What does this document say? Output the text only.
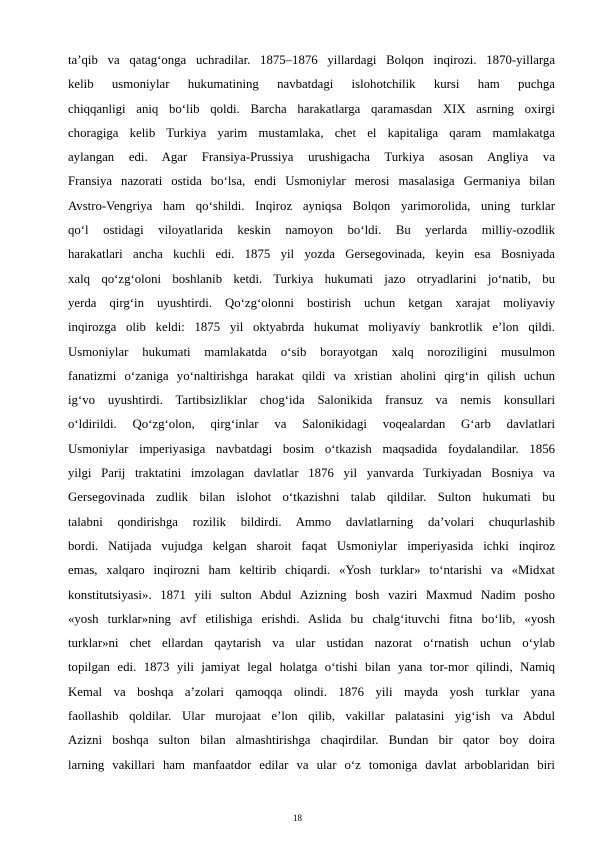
ta’qib va qatag‘onga uchradilar. 1875–1876 yillardagi Bolqon inqirozi. 1870-yillarga
kelib usmoniylar hukumatining navbatdagi islohotchilik kursi ham puchga
chiqqanligi aniq bo‘lib qoldi. Barcha harakatlarga qaramasdan XIX asrning oxirgi
choragiga kelib Turkiya yarim mustamlaka, chet el kapitaliga qaram mamlakatga
aylangan edi. Agar Fransiya-Prussiya urushigacha Turkiya asosan Angliya va
Fransiya nazorati ostida bo‘lsa, endi Usmoniylar merosi masalasiga Germaniya bilan
Avstro-Vengriya ham qo‘shildi. Inqiroz ayniqsa Bolqon yarimorolida, uning turklar
qo‘l ostidagi viloyatlarida keskin namoyon bo‘ldi. Bu yerlarda milliy-ozodlik
harakatlari ancha kuchli edi. 1875 yil yozda Gersegovinada, keyin esa Bosniyada
xalq qo‘zg‘oloni boshlanib ketdi. Turkiya hukumati jazo otryadlarini jo‘natib, bu
yerda qirg‘in uyushtirdi. Qo‘zg‘olonni bostirish uchun ketgan xarajat moliyaviy
inqirozga olib keldi: 1875 yil oktyabrda hukumat moliyaviy bankrotlik e’lon qildi.
Usmoniylar hukumati mamlakatda o‘sib borayotgan xalq noroziligini musulmon
fanatizmi o‘zaniga yo‘naltirishga harakat qildi va xristian aholini qirg‘in qilish uchun
ig‘vo uyushtirdi. Tartibsizliklar chog‘ida Salonikida fransuz va nemis konsullari
o‘ldirildi. Qo‘zg‘olon, qirg‘inlar va Salonikidagi voqealardan G‘arb davlatlari
Usmoniylar imperiyasiga navbatdagi bosim o‘tkazish maqsadida foydalandilar. 1856
yilgi Parij traktatini imzolagan davlatlar 1876 yil yanvarda Turkiyadan Bosniya va
Gersegovinada zudlik bilan islohot o‘tkazishni talab qildilar. Sulton hukumati bu
talabni qondirishga rozilik bildirdi. Ammo davlatlarning da’volari chuqurlashib
bordi. Natijada vujudga kelgan sharoit faqat Usmoniylar imperiyasida ichki inqiroz
emas, xalqaro inqirozni ham keltirib chiqardi. «Yosh turklar» to‘ntarishi va «Midxat
konstitutsiyasi». 1871 yili sulton Abdul Azizning bosh vaziri Maxmud Nadim posho
«yosh turklar»ning avf etilishiga erishdi. Aslida bu chalg‘ituvchi fitna bo‘lib, «yosh
turklar»ni chet ellardan qaytarish va ular ustidan nazorat o‘rnatish uchun o‘ylab
topilgan edi. 1873 yili jamiyat legal holatga o‘tishi bilan yana tor-mor qilindi, Namiq
Kemal va boshqa a’zolari qamoqqa olindi. 1876 yili mayda yosh turklar yana
faollashib qoldilar. Ular murojaat e’lon qilib, vakillar palatasini yig‘ish va Abdul
Azizni boshqa sulton bilan almashtirishga chaqirdilar. Bundan bir qator boy doira
larning vakillari ham manfaatdor edilar va ular o‘z tomoniga davlat arboblaridan biri
18
